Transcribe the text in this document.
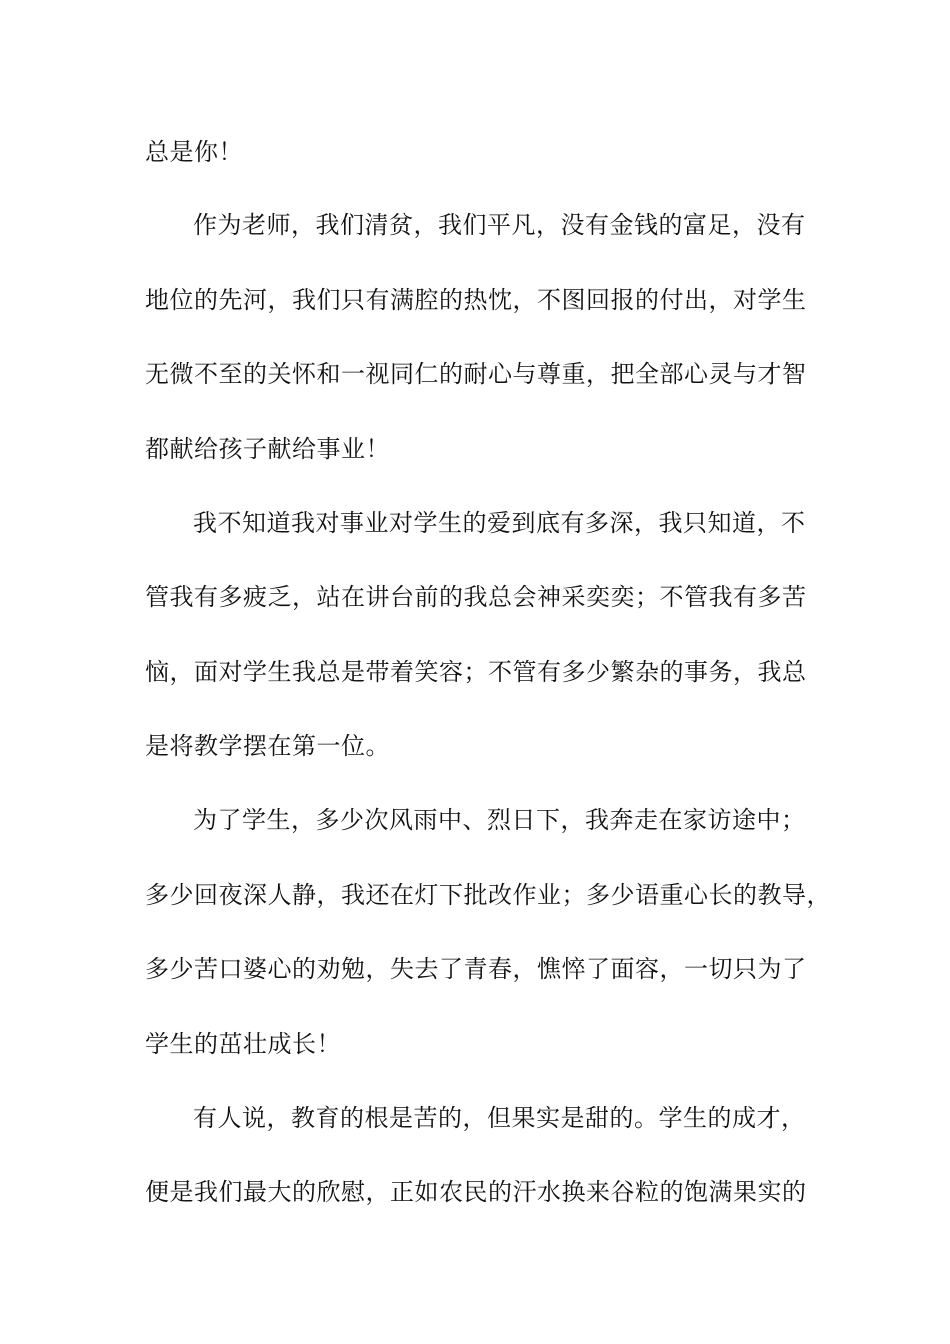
总是你！
作为老师，我们清贫，我们平凡，没有金钱的富足，没有
地位的先河，我们只有满腔的热忱，不图回报的付出，对学生
无微不至的关怀和一视同仁的耐心与尊重，把全部心灵与才智
都献给孩子献给事业！
我不知道我对事业对学生的爱到底有多深，我只知道，不
管我有多疲乏，站在讲台前的我总会神采奕奕；不管我有多苦
恼，面对学生我总是带着笑容；不管有多少繁杂的事务，我总
是将教学摆在第一位。
为了学生，多少次风雨中、烈日下，我奔走在家访途中；
多少回夜深人静，我还在灯下批改作业；多少语重心长的教导，
多少苦口婆心的劝勉，失去了青春，憔悴了面容，一切只为了
学生的茁壮成长！
有人说，教育的根是苦的，但果实是甜的。学生的成才，
便是我们最大的欣慰，正如农民的汗水换来谷粒的饱满果实的
